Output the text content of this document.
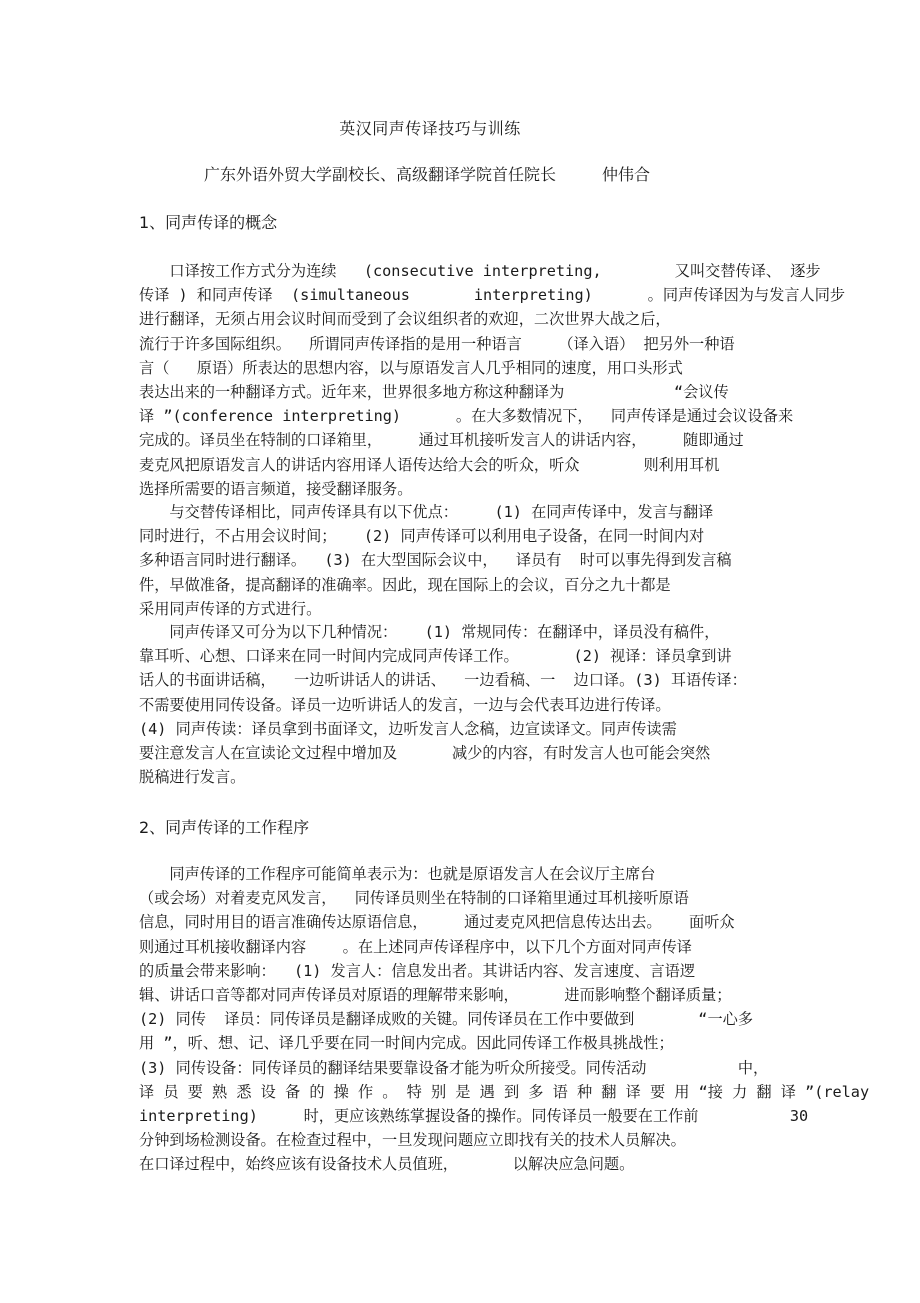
英汉同声传译技巧与训练
广东外语外贸大学副校长、高级翻译学院首任院长	仲伟合
1、同声传译的概念
　　口译按工作方式分为连续   (consecutive interpreting,        又叫交替传译、 逐步
传译 ) 和同声传译  (simultaneous       interpreting)      。同声传译因为与发言人同步
进行翻译，无须占用会议时间而受到了会议组织者的欢迎，二次世界大战之后，
流行于许多国际组织。  所谓同声传译指的是用一种语言    （译入语） 把另外一种语
言（   原语）所表达的思想内容，以与原语发言人几乎相同的速度，用口头形式
表达出来的一种翻译方式。近年来，世界很多地方称这种翻译为            “会议传
译 ”(conference interpreting)      。在大多数情况下，  同声传译是通过会议设备来
完成的。译员坐在特制的口译箱里，    通过耳机接听发言人的讲话内容，    随即通过
麦克风把原语发言人的讲话内容用译人语传达给大会的听众，听众       则利用耳机
选择所需要的语言频道，接受翻译服务。
　　与交替传译相比，同声传译具有以下优点：    (1) 在同声传译中，发言与翻译
同时进行，不占用会议时间；   (2) 同声传译可以利用电子设备，在同一时间内对
多种语言同时进行翻译。  (3) 在大型国际会议中，  译员有  时可以事先得到发言稿
件，早做准备，提高翻译的准确率。因此，现在国际上的会议，百分之九十都是
采用同声传译的方式进行。
　　同声传译又可分为以下几种情况：   (1) 常规同传：在翻译中，译员没有稿件，
靠耳听、心想、口译来在同一时间内完成同声传译工作。      (2) 视译：译员拿到讲
话人的书面讲话稿，  一边听讲话人的讲话、  一边看稿、一  边口译。(3) 耳语传译：
不需要使用同传设备。译员一边听讲话人的发言，一边与会代表耳边进行传译。
(4) 同声传读：译员拿到书面译文，边听发言人念稿，边宣读译文。同声传读需
要注意发言人在宣读论文过程中增加及      减少的内容，有时发言人也可能会突然
脱稿进行发言。
2、同声传译的工作程序
　　同声传译的工作程序可能简单表示为：也就是原语发言人在会议厅主席台
（或会场）对着麦克风发言，  同传译员则坐在特制的口译箱里通过耳机接听原语
信息，同时用目的语言准确传达原语信息，    通过麦克风把信息传达出去。   面听众
则通过耳机接收翻译内容    。在上述同声传译程序中，以下几个方面对同声传译
的质量会带来影响：  (1) 发言人：信息发出者。其讲话内容、发言速度、言语逻
辑、讲话口音等都对同声传译员对原语的理解带来影响，     进而影响整个翻译质量；
(2) 同传  译员：同传译员是翻译成败的关键。同传译员在工作中要做到       “一心多
用 ”，听、想、记、译几乎要在同一时间内完成。因此同传译工作极具挑战性；
(3) 同传设备：同传译员的翻译结果要靠设备才能为听众所接受。同传活动          中，
译 员 要 熟 悉 设 备 的 操 作 。 特 别 是 遇 到 多 语 种 翻 译 要 用 “接 力 翻 译 ”(relay
interpreting)     时，更应该熟练掌握设备的操作。同传译员一般要在工作前          30
分钟到场检测设备。在检查过程中，一旦发现问题应立即找有关的技术人员解决。
在口译过程中，始终应该有设备技术人员值班，      以解决应急问题。
